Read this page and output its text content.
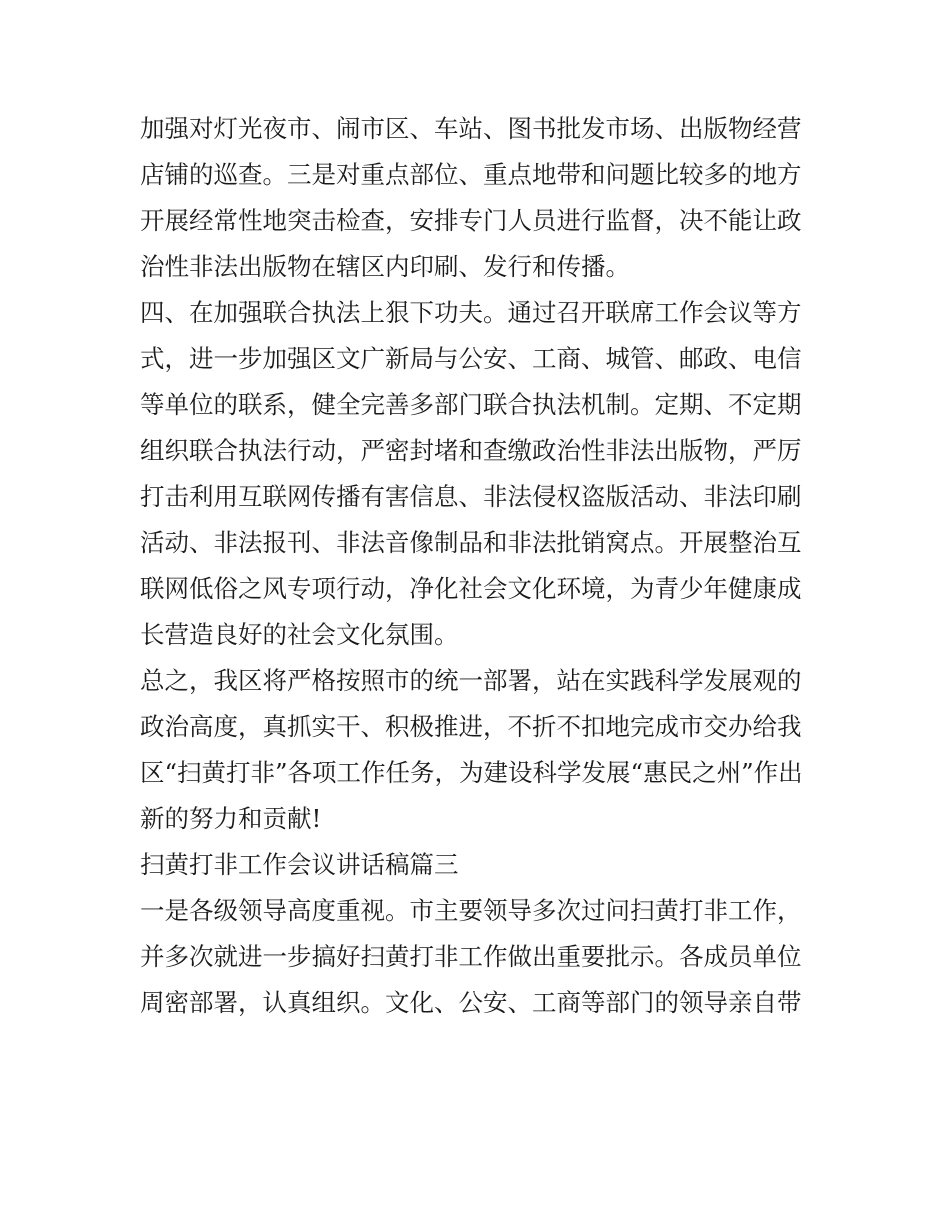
加强对灯光夜市、闹市区、车站、图书批发市场、出版物经营
店铺的巡查。三是对重点部位、重点地带和问题比较多的地方
开展经常性地突击检查，安排专门人员进行监督，决不能让政
治性非法出版物在辖区内印刷、发行和传播。
四、在加强联合执法上狠下功夫。通过召开联席工作会议等方
式，进一步加强区文广新局与公安、工商、城管、邮政、电信
等单位的联系，健全完善多部门联合执法机制。定期、不定期
组织联合执法行动，严密封堵和查缴政治性非法出版物，严厉
打击利用互联网传播有害信息、非法侵权盗版活动、非法印刷
活动、非法报刊、非法音像制品和非法批销窝点。开展整治互
联网低俗之风专项行动，净化社会文化环境，为青少年健康成
长营造良好的社会文化氛围。
总之，我区将严格按照市的统一部署，站在实践科学发展观的
政治高度，真抓实干、积极推进，不折不扣地完成市交办给我
区“扫黄打非”各项工作任务，为建设科学发展“惠民之州”作出
新的努力和贡献!
扫黄打非工作会议讲话稿篇三
一是各级领导高度重视。市主要领导多次过问扫黄打非工作，
并多次就进一步搞好扫黄打非工作做出重要批示。各成员单位
周密部署，认真组织。文化、公安、工商等部门的领导亲自带
